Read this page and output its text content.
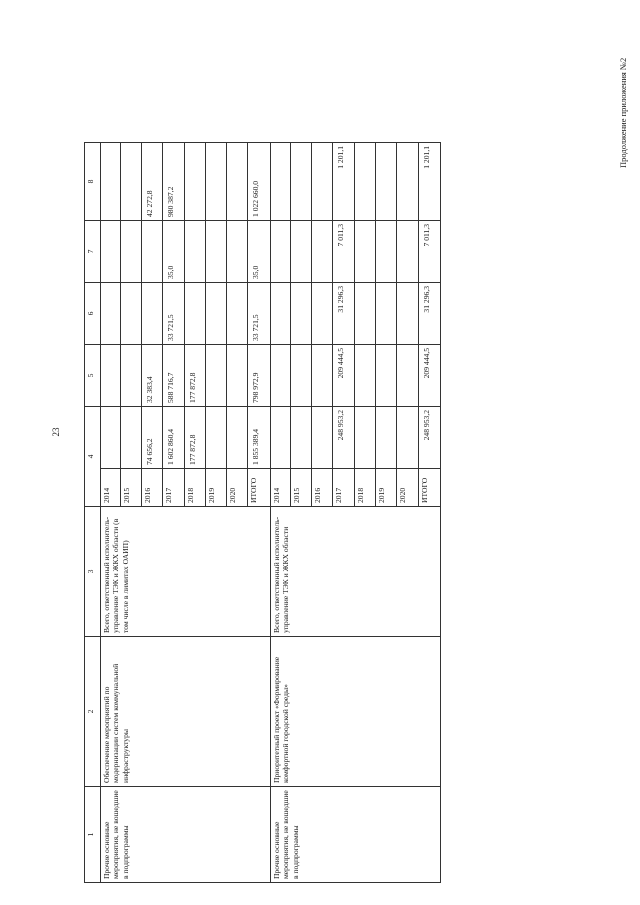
23
Продолжение приложения №2
1	2	3	4		5	6	7	8
Прочие основные мероприятия, не вошедшие в подпрограммы	Обеспечение мероприятий по модернизации систем коммунальной инфраструктуры	Всего, ответственный исполнитель- управление ТЭК и ЖКХ области (в том числе в лимитах ОАИП)	2014					
			2015					
			2016	74 656,2	32 383,4			42 272,8
			2017	1 602 860,4	588 716,7	33 721,5	35,0	980 387,2
			2018	177 872,8	177 872,8			
			2019					
			2020					
			ИТОГО	1 855 389,4	798 972,9	33 721,5	35,0	1 022 660,0
Прочие основные мероприятия, не вошедшие в подпрограммы	Приоритетный проект «Формирование комфортной городской среды»	Всего, ответственный исполнитель- управление ТЭК и ЖКХ области	2014					
			2015					
			2016					
			2017	248 953,2	209 444,5	31 296,3	7 011,3	1 201,1
			2018					
			2019					
			2020					
			ИТОГО	248 953,2	209 444,5	31 296,3	7 011,3	1 201,1
